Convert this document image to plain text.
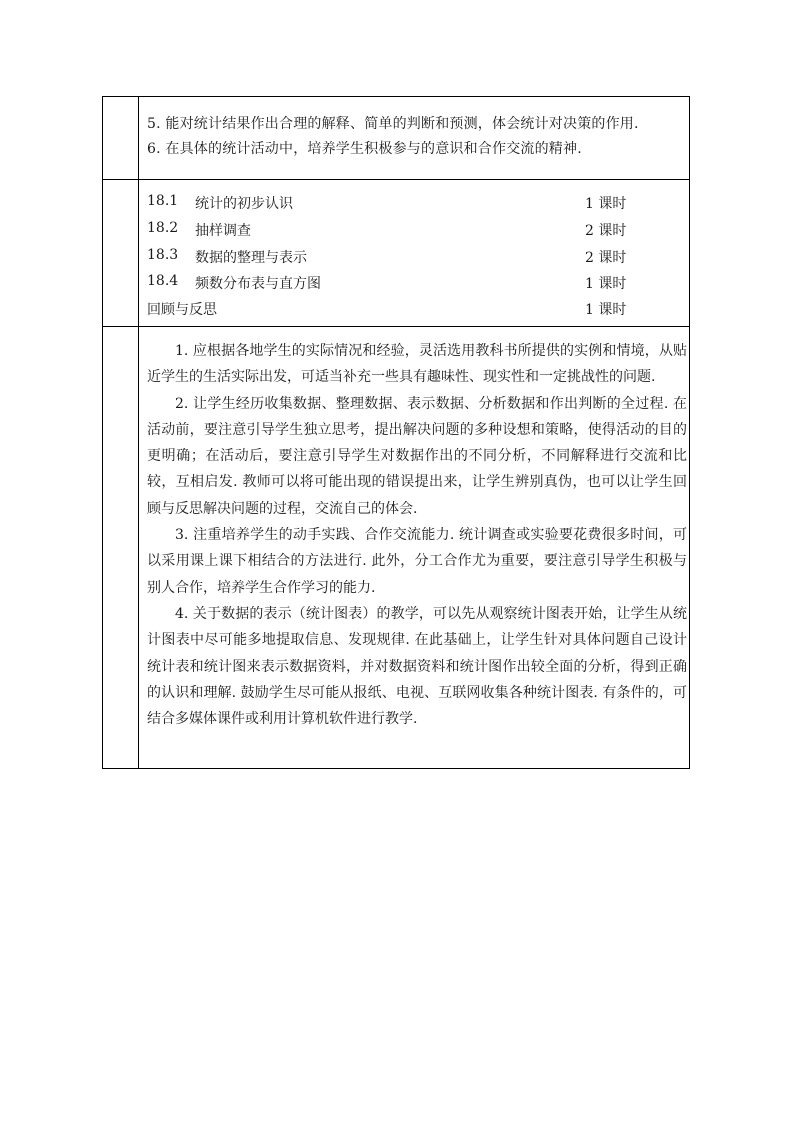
5. 能对统计结果作出合理的解释、简单的判断和预测，体会统计对决策的作用.
6. 在具体的统计活动中，培养学生积极参与的意识和合作交流的精神.
18.1 统计的初步认识	1 课时
18.2 抽样调查	2 课时
18.3 数据的整理与表示	2 课时
18.4 频数分布表与直方图	1 课时
回顾与反思	1 课时

1. 应根据各地学生的实际情况和经验，灵活选用教科书所提供的实例和情境，从贴近学生的生活实际出发，可适当补充一些具有趣味性、现实性和一定挑战性的问题.

2. 让学生经历收集数据、整理数据、表示数据、分析数据和作出判断的全过程. 在活动前，要注意引导学生独立思考，提出解决问题的多种设想和策略，使得活动的目的更明确；在活动后，要注意引导学生对数据作出的不同分析，不同解释进行交流和比较，互相启发. 教师可以将可能出现的错误提出来，让学生辨别真伪，也可以让学生回顾与反思解决问题的过程，交流自己的体会.

3. 注重培养学生的动手实践、合作交流能力. 统计调查或实验要花费很多时间，可以采用课上课下相结合的方法进行. 此外，分工合作尤为重要，要注意引导学生积极与别人合作，培养学生合作学习的能力.

4. 关于数据的表示（统计图表）的教学，可以先从观察统计图表开始，让学生从统计图表中尽可能多地提取信息、发现规律. 在此基础上，让学生针对具体问题自己设计统计表和统计图来表示数据资料，并对数据资料和统计图作出较全面的分析，得到正确的认识和理解. 鼓励学生尽可能从报纸、电视、互联网收集各种统计图表. 有条件的，可结合多媒体课件或利用计算机软件进行教学.
